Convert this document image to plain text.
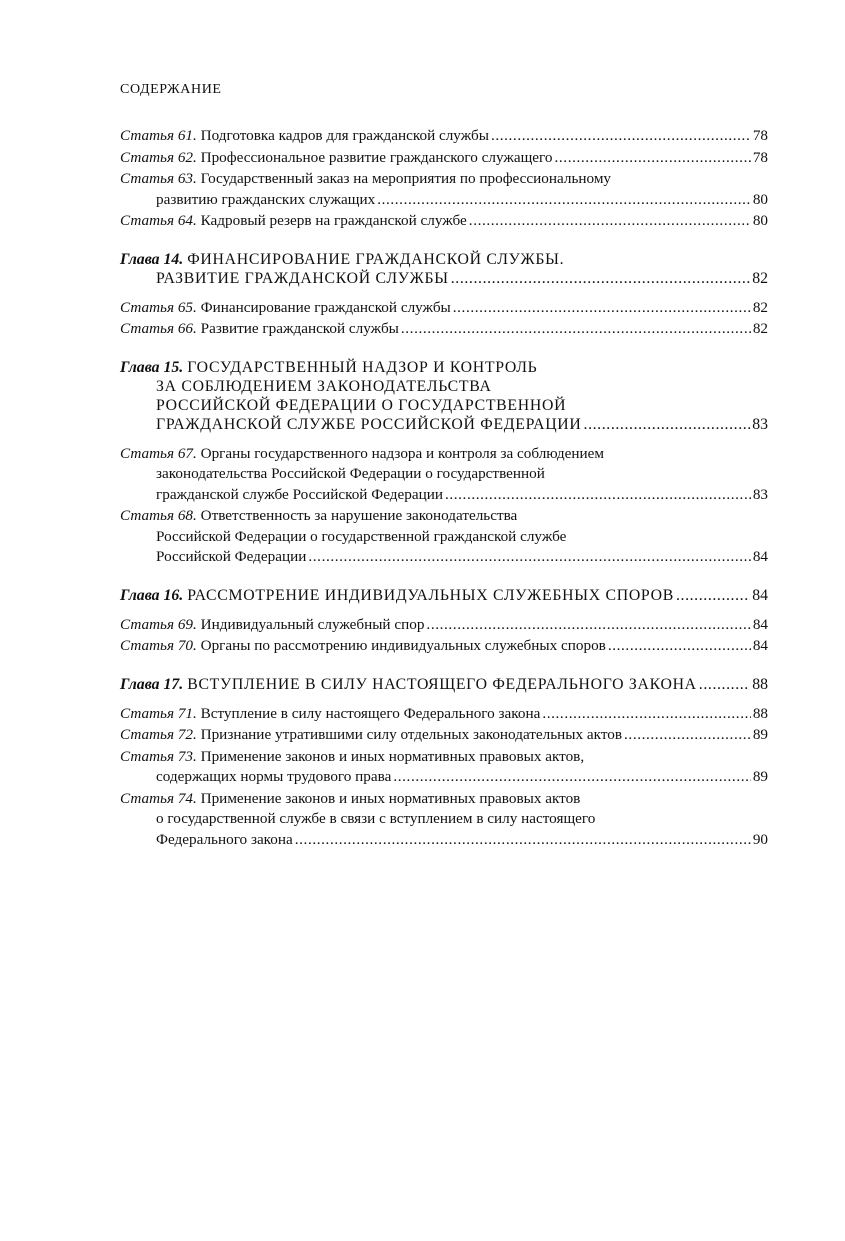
СОДЕРЖАНИЕ
Статья 61. Подготовка кадров для гражданской службы .....	78
Статья 62. Профессиональное развитие гражданского служащего .....	78
Статья 63. Государственный заказ на мероприятия по профессиональному
развитию гражданских служащих .....	80
Статья 64. Кадровый резерв на гражданской службе .....	80
Глава 14. ФИНАНСИРОВАНИЕ ГРАЖДАНСКОЙ СЛУЖБЫ.
РАЗВИТИЕ ГРАЖДАНСКОЙ СЛУЖБЫ .....	82
Статья 65. Финансирование гражданской службы .....	82
Статья 66. Развитие гражданской службы .....	82
Глава 15. ГОСУДАРСТВЕННЫЙ НАДЗОР И КОНТРОЛЬ
ЗА СОБЛЮДЕНИЕМ ЗАКОНОДАТЕЛЬСТВА
РОССИЙСКОЙ ФЕДЕРАЦИИ О ГОСУДАРСТВЕННОЙ
ГРАЖДАНСКОЙ СЛУЖБЕ РОССИЙСКОЙ ФЕДЕРАЦИИ .....	83
Статья 67. Органы государственного надзора и контроля за соблюдением
законодательства Российской Федерации о государственной
гражданской службе Российской Федерации .....	83
Статья 68. Ответственность за нарушение законодательства
Российской Федерации о государственной гражданской службе
Российской Федерации .....	84
Глава 16. РАССМОТРЕНИЕ ИНДИВИДУАЛЬНЫХ СЛУЖЕБНЫХ СПОРОВ .....	84
Статья 69. Индивидуальный служебный спор .....	84
Статья 70. Органы по рассмотрению индивидуальных служебных споров .....	84
Глава 17. ВСТУПЛЕНИЕ В СИЛУ НАСТОЯЩЕГО ФЕДЕРАЛЬНОГО ЗАКОНА .....	88
Статья 71. Вступление в силу настоящего Федерального закона .....	88
Статья 72. Признание утратившими силу отдельных законодательных актов .....	89
Статья 73. Применение законов и иных нормативных правовых актов,
содержащих нормы трудового права .....	89
Статья 74. Применение законов и иных нормативных правовых актов
о государственной службе в связи с вступлением в силу настоящего
Федерального закона .....	90
